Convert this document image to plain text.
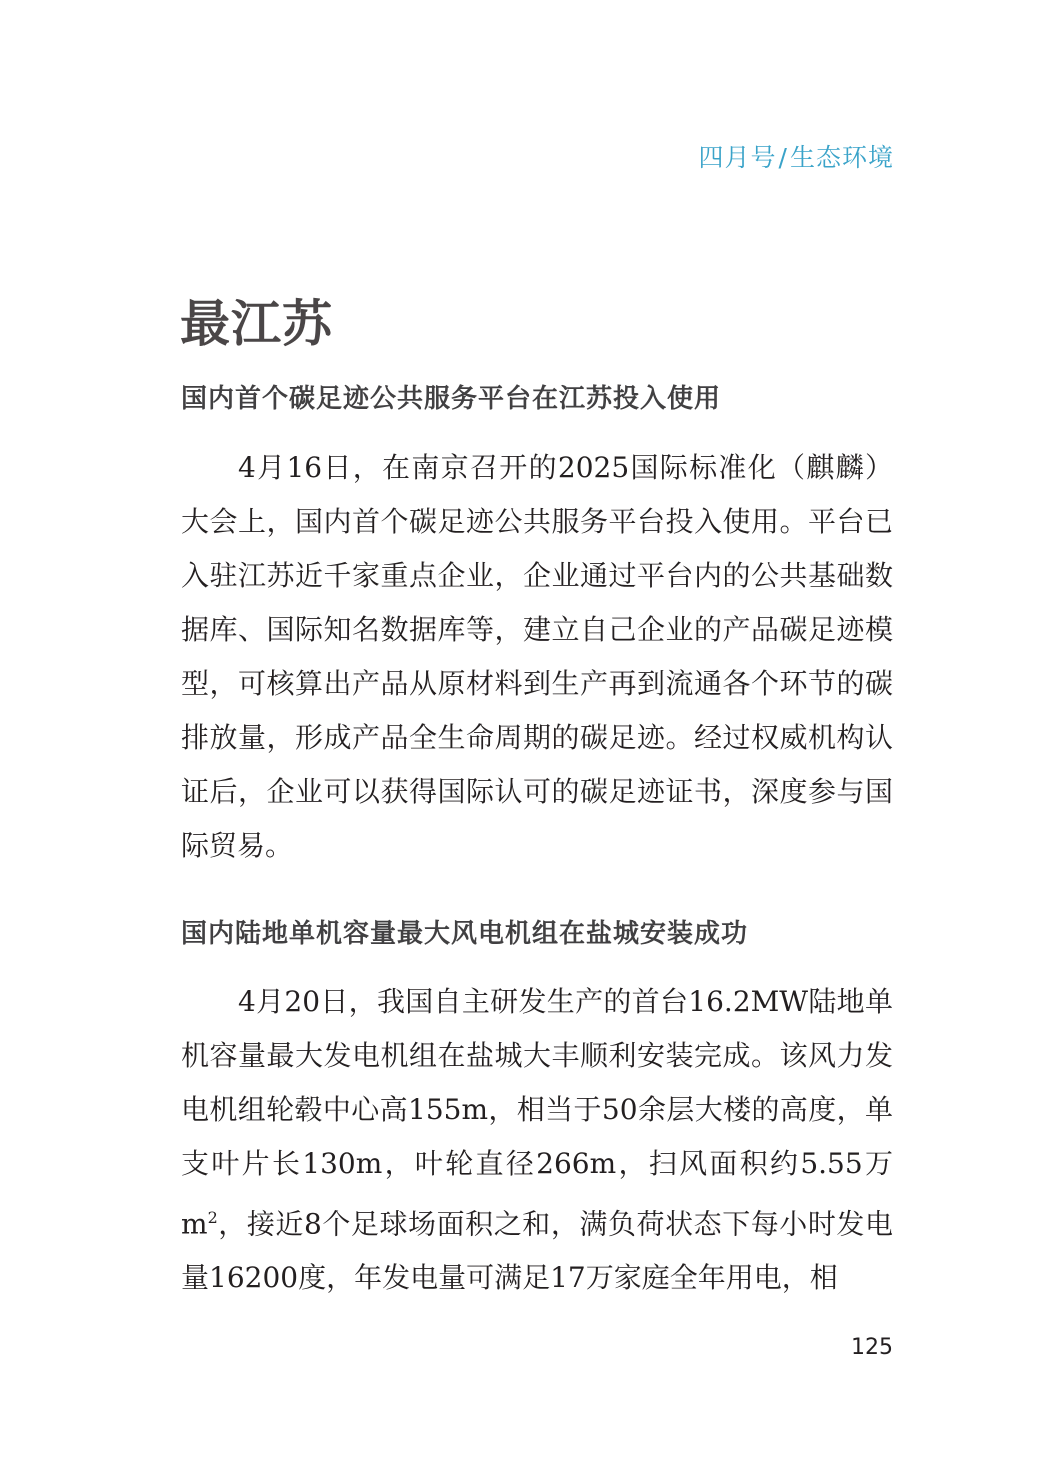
四月号/生态环境
最江苏
国内首个碳足迹公共服务平台在江苏投入使用

4月16日，在南京召开的2025国际标准化（麒麟）大会上，国内首个碳足迹公共服务平台投入使用。平台已入驻江苏近千家重点企业，企业通过平台内的公共基础数据库、国际知名数据库等，建立自己企业的产品碳足迹模型，可核算出产品从原材料到生产再到流通各个环节的碳排放量，形成产品全生命周期的碳足迹。经过权威机构认证后，企业可以获得国际认可的碳足迹证书，深度参与国际贸易。

国内陆地单机容量最大风电机组在盐城安装成功

4月20日，我国自主研发生产的首台16.2MW陆地单机容量最大发电机组在盐城大丰顺利安装完成。该风力发电机组轮毂中心高155m，相当于50余层大楼的高度，单支叶片长130m，叶轮直径266m，扫风面积约5.55万$m^2$，接近8个足球场面积之和，满负荷状态下每小时发电量16200度，年发电量可满足17万家庭全年用电，相

125
